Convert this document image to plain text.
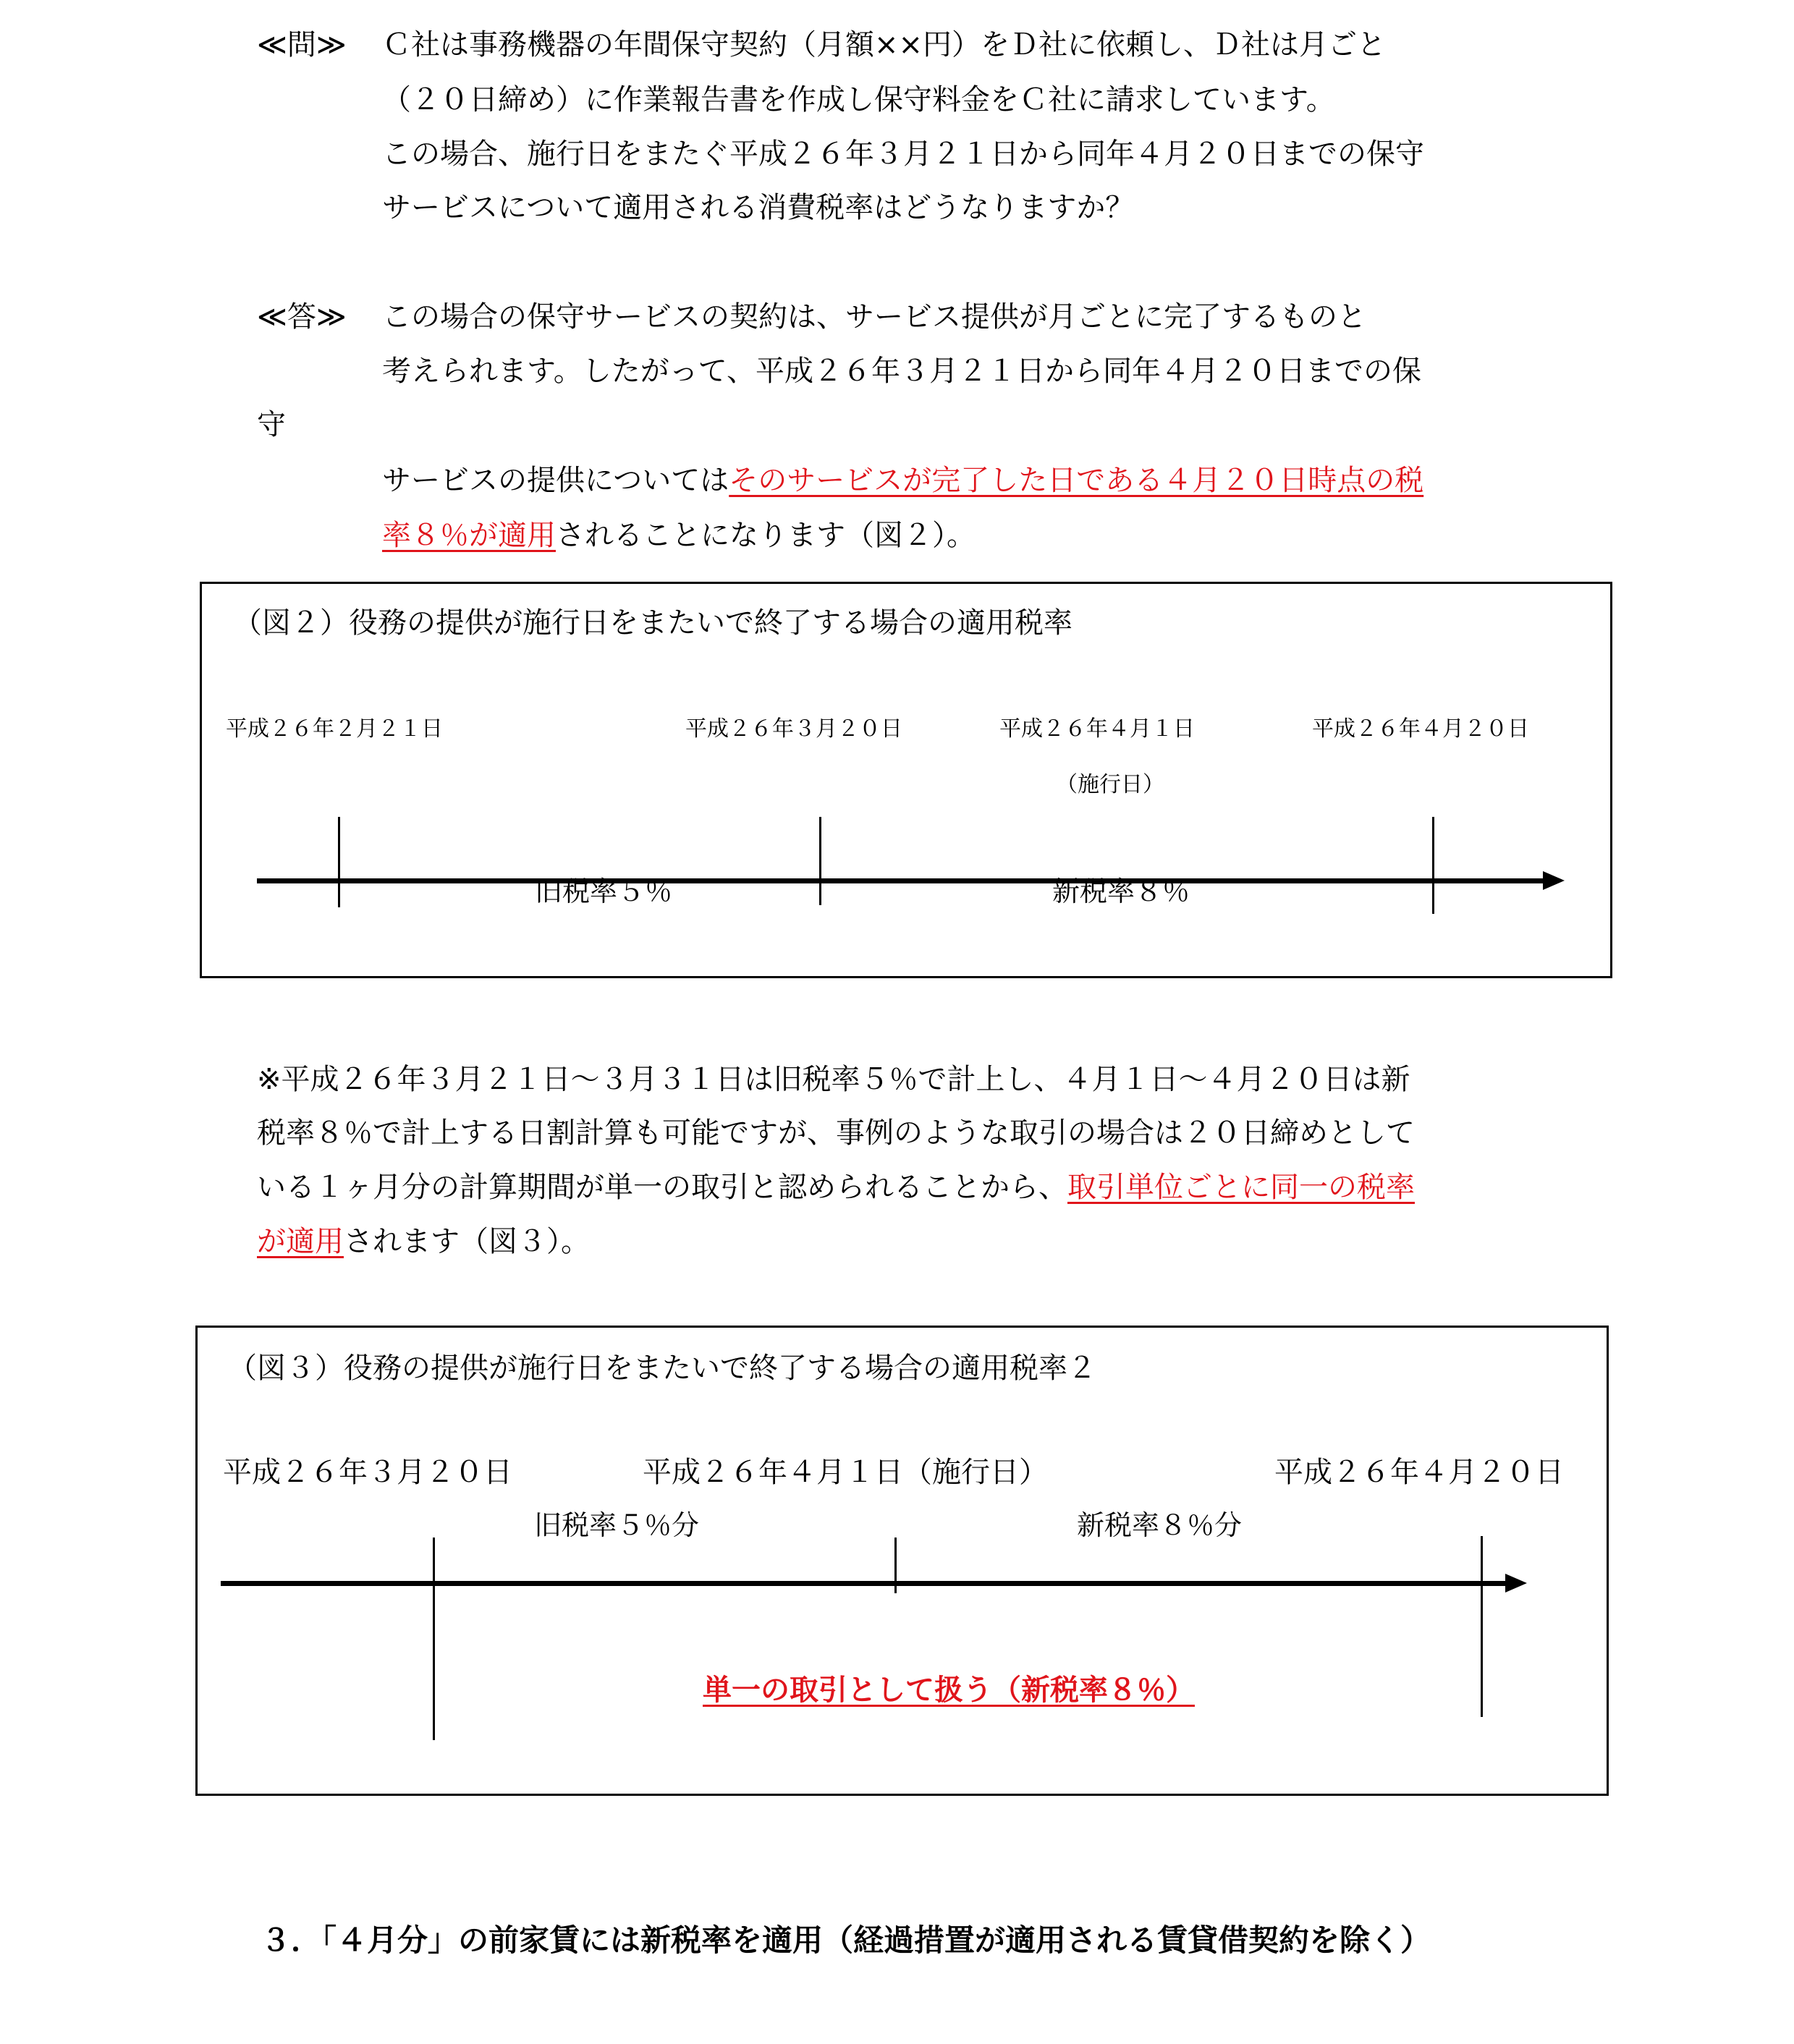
≪問≫ Ｃ社は事務機器の年間保守契約（月額××円）をＤ社に依頼し、Ｄ社は月ごと
（２０日締め）に作業報告書を作成し保守料金をＣ社に請求しています。
この場合、施行日をまたぐ平成２６年３月２１日から同年４月２０日までの保守
サービスについて適用される消費税率はどうなりますか？
≪答≫ この場合の保守サービスの契約は、サービス提供が月ごとに完了するものと
考えられます。したがって、平成２６年３月２１日から同年４月２０日までの保
守
サービスの提供についてはそのサービスが完了した日である４月２０日時点の税
率８％が適用されることになります（図２）。
（図２）役務の提供が施行日をまたいで終了する場合の適用税率
平成２６年２月２１日	平成２６年３月２０日	平成２６年４月１日
（施行日）
平成２６年４月２０日
旧税率５％	新税率８％
※平成２６年３月２１日～３月３１日は旧税率５％で計上し、４月１日～４月２０日は新
税率８％で計上する日割計算も可能ですが、事例のような取引の場合は２０日締めとして
いる１ヶ月分の計算期間が単一の取引と認められることから、取引単位ごとに同一の税率
が適用されます（図３）。
（図３）役務の提供が施行日をまたいで終了する場合の適用税率２
平成２６年３月２０日	平成２６年４月１日（施行日）	平成２６年４月２０日
旧税率５％分	新税率８％分
単一の取引として扱う（新税率８％）
３．「４月分」の前家賃には新税率を適用（経過措置が適用される賃貸借契約を除く）
